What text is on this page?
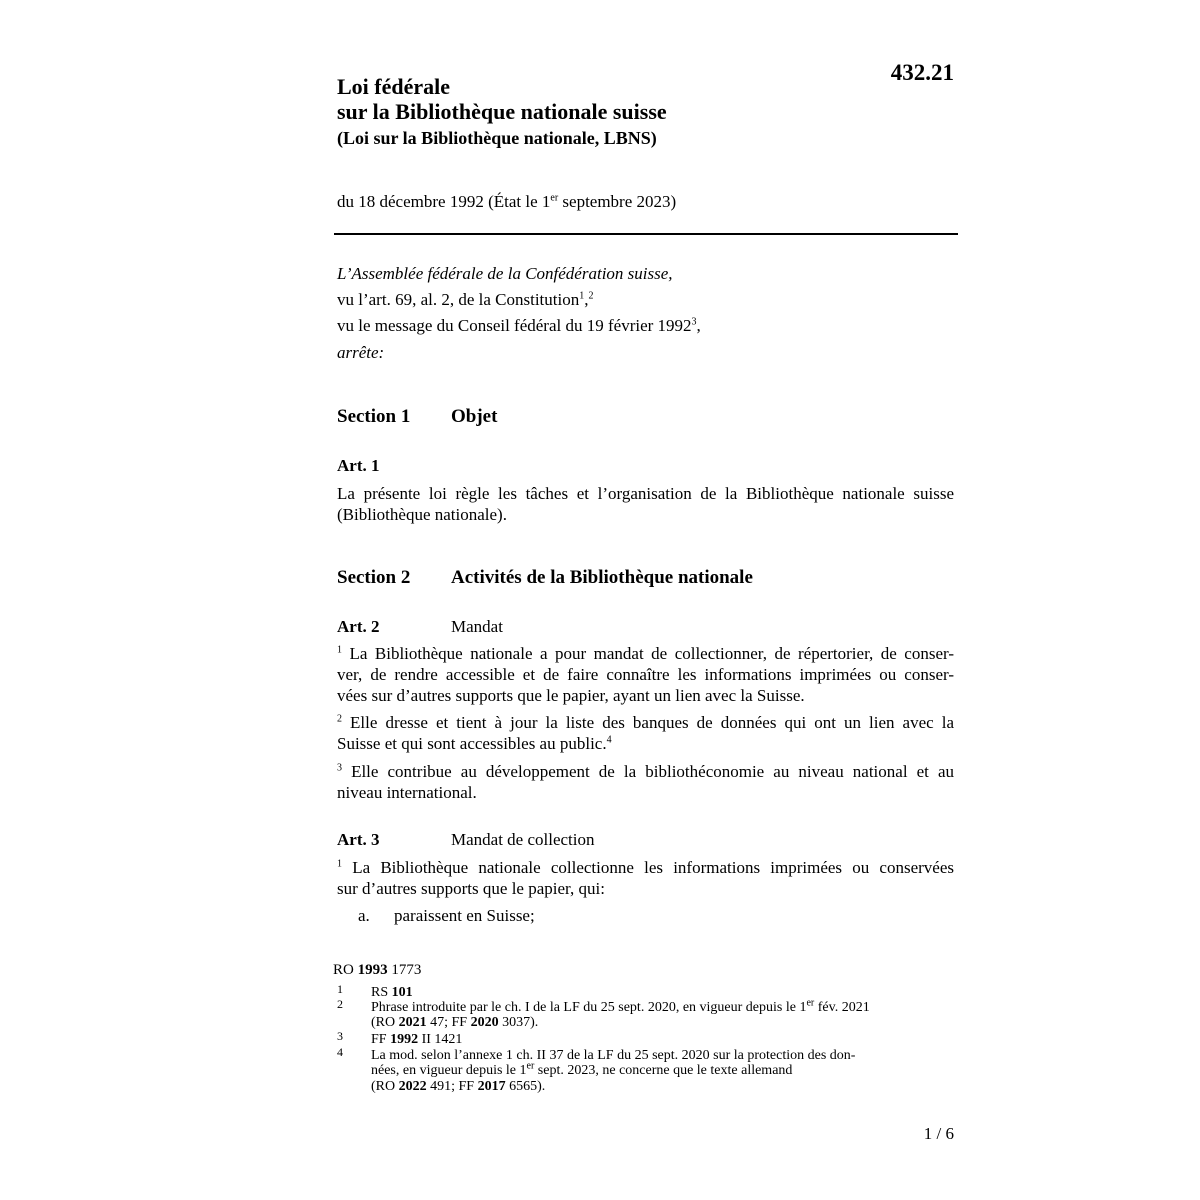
432.21
Loi fédérale
sur la Bibliothèque nationale suisse
(Loi sur la Bibliothèque nationale, LBNS)
du 18 décembre 1992 (État le 1er septembre 2023)
L’Assemblée fédérale de la Confédération suisse,
vu l’art. 69, al. 2, de la Constitution$^1$,$^2$
vu le message du Conseil fédéral du 19 février 1992$^3$,
arrête:
Section 1 Objet
Art. 1
La présente loi règle les tâches et l’organisation de la Bibliothèque nationale suisse
(Bibliothèque nationale).
Section 2 Activités de la Bibliothèque nationale
Art. 2	Mandat
$^1$ La Bibliothèque nationale a pour mandat de collectionner, de répertorier, de conser-
ver, de rendre accessible et de faire connaître les informations imprimées ou conser-
vées sur d’autres supports que le papier, ayant un lien avec la Suisse.
$^2$ Elle dresse et tient à jour la liste des banques de données qui ont un lien avec la
Suisse et qui sont accessibles au public.$^4$
$^3$ Elle contribue au développement de la bibliothéconomie au niveau national et au
niveau international.
Art. 3	Mandat de collection
$^1$ La Bibliothèque nationale collectionne les informations imprimées ou conservées
sur d’autres supports que le papier, qui:
a. paraissent en Suisse;
RO 1993 1773
1 RS 101
2 Phrase introduite par le ch. I de la LF du 25 sept. 2020, en vigueur depuis le 1er fév. 2021
(RO 2021 47; FF 2020 3037).
3 FF 1992 II 1421
4 La mod. selon l’annexe 1 ch. II 37 de la LF du 25 sept. 2020 sur la protection des don-
nées, en vigueur depuis le 1er sept. 2023, ne concerne que le texte allemand
(RO 2022 491; FF 2017 6565).
1 / 6
